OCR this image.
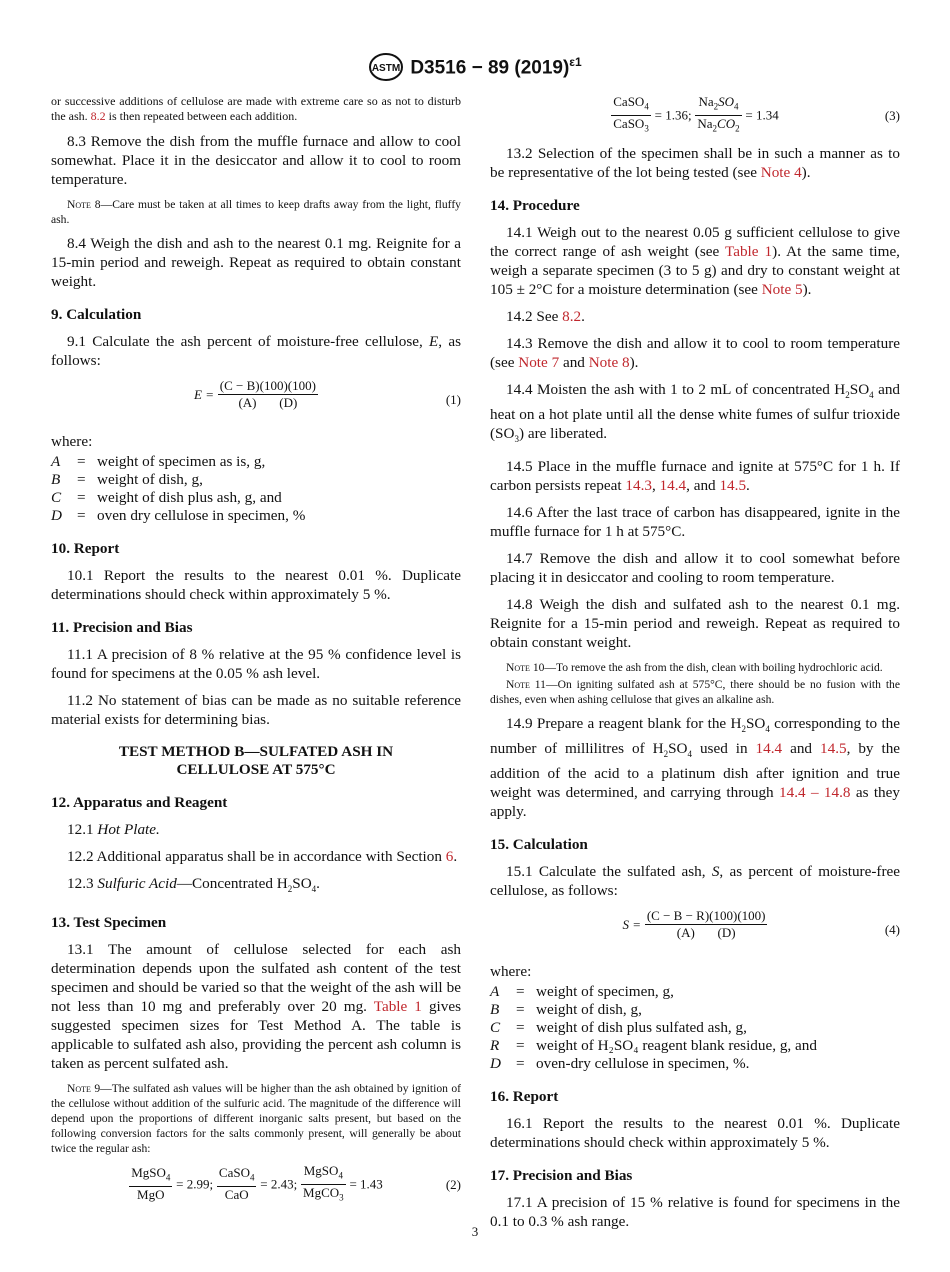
ASTM D3516 − 89 $(2019)^{\varepsilon 1}$

or successive additions of cellulose are made with extreme care so as not to disturb the ash. 8.2 is then repeated between each addition.

8.3 Remove the dish from the muffle furnace and allow to cool somewhat. Place it in the desiccator and allow it to cool to room temperature.

Note 8—Care must be taken at all times to keep drafts away from the light, fluffy ash.

8.4 Weigh the dish and ash to the nearest 0.1 mg. Reignite for a 15-min period and reweigh. Repeat as required to obtain constant weight.

9. Calculation

9.1 Calculate the ash percent of moisture-free cellulose, E, as follows:

$E = \frac{(C - B)(100)(100)}{(A) (D)}$	(1)

where:

A	= weight of specimen as is, g,
B	= weight of dish, g,
C	= weight of dish plus ash, g, and
D = oven dry cellulose in specimen, %
10. Report

10.1 Report the results to the nearest 0.01 %. Duplicate determinations should check within approximately 5 %.

11. Precision and Bias

11.1 A precision of 8 % relative at the 95 % confidence level is found for specimens at the 0.05 % ash level.

11.2 No statement of bias can be made as no suitable reference material exists for determining bias.

TEST METHOD B—SULFATED ASH IN
CELLULOSE AT 575°C
12. Apparatus and Reagent

12.1 Hot Plate.

12.2 Additional apparatus shall be in accordance with Section 6.

12.3 Sulfuric Acid—Concentrated $H_2SO_4$.

13. Test Specimen

13.1 The amount of cellulose selected for each ash determination depends upon the sulfated ash content of the test specimen and should be varied so that the weight of the ash will be not less than 10 mg and preferably over 20 mg. Table 1 gives suggested specimen sizes for Test Method A. The table is applicable to sulfated ash also, providing the percent ash column is taken as percent sulfated ash.

Note 9—The sulfated ash values will be higher than the ash obtained by ignition of the cellulose without addition of the sulfuric acid. The magnitude of the difference will depend upon the proportions of different inorganic salts present, but based on the following conversion factors for the salts commonly present, will generally be about twice the regular ash:
$\frac{MgSO_4}{\text{MgO}} = 2.99$; $\frac{CaSO_4}{\text{CaO}} = 2.43$; $\frac{MgSO_4}{MgCO_3} = 1.43$	(2)
$\frac{CaSO_4}{CaSO_3} = 1.36$; $\frac{Na_2SO_4}{Na_2CO_2} = 1.34$	(3)

13.2 Selection of the specimen shall be in such a manner as to be representative of the lot being tested (see Note 4).

14. Procedure

14.1 Weigh out to the nearest 0.05 g sufficient cellulose to give the correct range of ash weight (see Table 1). At the same time, weigh a separate specimen (3 to 5 g) and dry to constant weight at 105 ± 2°C for a moisture determination (see Note 5).

14.2 See 8.2.

14.3 Remove the dish and allow it to cool to room temperature (see Note 7 and Note 8).

14.4 Moisten the ash with 1 to 2 mL of concentrated $H_2SO_4$ and heat on a hot plate until all the dense white fumes of sulfur trioxide $(SO_3)$ are liberated.

14.5 Place in the muffle furnace and ignite at 575°C for 1 h. If carbon persists repeat 14.3, 14.4, and 14.5.

14.6 After the last trace of carbon has disappeared, ignite in the muffle furnace for 1 h at 575°C.

14.7 Remove the dish and allow it to cool somewhat before placing it in desiccator and cooling to room temperature.

14.8 Weigh the dish and sulfated ash to the nearest 0.1 mg. Reignite for a 15-min period and reweigh. Repeat as required to obtain constant weight.

Note 10—To remove the ash from the dish, clean with boiling hydrochloric acid.
Note 11—On igniting sulfated ash at 575°C, there should be no fusion with the dishes, even when ashing cellulose that gives an alkaline ash.

14.9 Prepare a reagent blank for the $H_2SO_4$ corresponding to the number of millilitres of $H_2SO_4$ used in 14.4 and 14.5, by the addition of the acid to a platinum dish after ignition and true weight was determined, and carrying through 14.4 – 14.8 as they apply.

15. Calculation

15.1 Calculate the sulfated ash, S, as percent of moisture-free cellulose, as follows:

$S = \frac{(C - B - R)(100)(100)}{(A) (D)}$	(4)

where:

A	= weight of specimen, g,
B	= weight of dish, g,
C	= weight of dish plus sulfated ash, g,
R	= weight of H₂SO₄ reagent blank residue, g, and
D = oven-dry cellulose in specimen, %.
16. Report

16.1 Report the results to the nearest 0.01 %. Duplicate determinations should check within approximately 5 %.

17. Precision and Bias

17.1 A precision of 15 % relative is found for specimens in the 0.1 to 0.3 % ash range.

3
